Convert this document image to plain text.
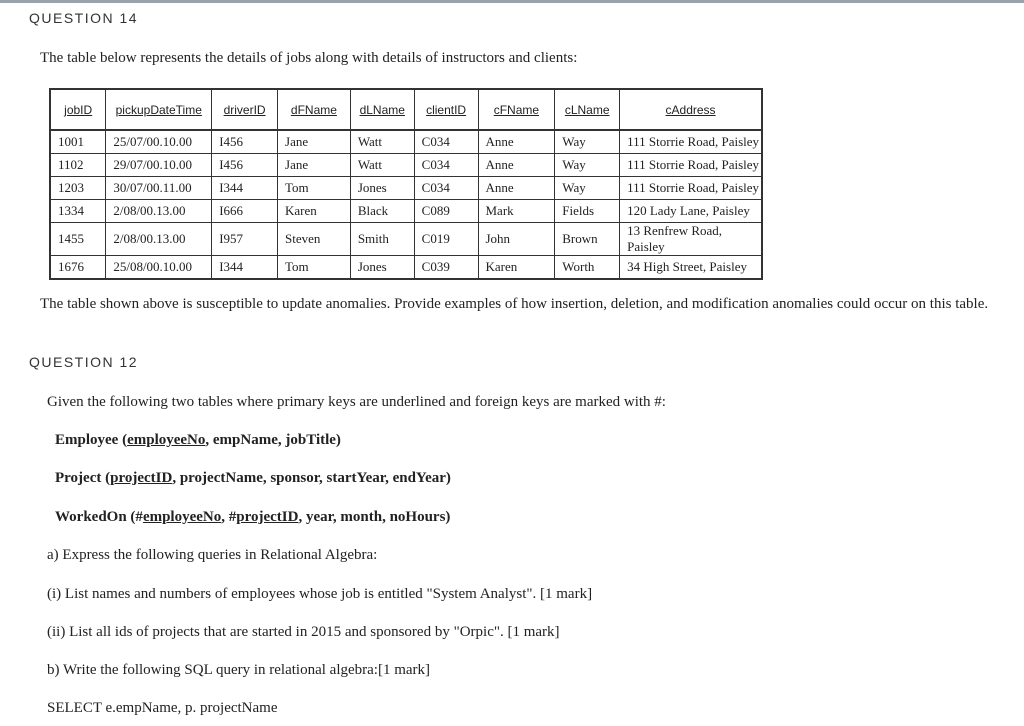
QUESTION 14
The table below represents the details of jobs along with details of instructors and clients:
jobID	pickupDateTime	driverID	dFName	dLName	clientID	cFName	cLName	cAddress
1001	25/07/00.10.00	I456	Jane	Watt	C034	Anne	Way	111 Storrie Road, Paisley
1102	29/07/00.10.00	I456	Jane	Watt	C034	Anne	Way	111 Storrie Road, Paisley
1203	30/07/00.11.00	I344	Tom	Jones	C034	Anne	Way	111 Storrie Road, Paisley
1334	2/08/00.13.00	I666	Karen	Black	C089	Mark	Fields	120 Lady Lane, Paisley
1455	2/08/00.13.00	I957	Steven	Smith	C019	John	Brown	13 Renfrew Road, Paisley
1676	25/08/00.10.00	I344	Tom	Jones	C039	Karen	Worth	34 High Street, Paisley
The table shown above is susceptible to update anomalies. Provide examples of how insertion, deletion, and modification anomalies could occur on this table.
QUESTION 12
Given the following two tables where primary keys are underlined and foreign keys are marked with #:
Employee (employeeNo, empName, jobTitle)
Project (projectID, projectName, sponsor, startYear, endYear)
WorkedOn (#employeeNo, #projectID, year, month, noHours)
a) Express the following queries in Relational Algebra:
(i) List names and numbers of employees whose job is entitled "System Analyst". [1 mark]
(ii) List all ids of projects that are started in 2015 and sponsored by "Orpic". [1 mark]
b) Write the following SQL query in relational algebra:[1 mark]
SELECT e.empName, p. projectName
